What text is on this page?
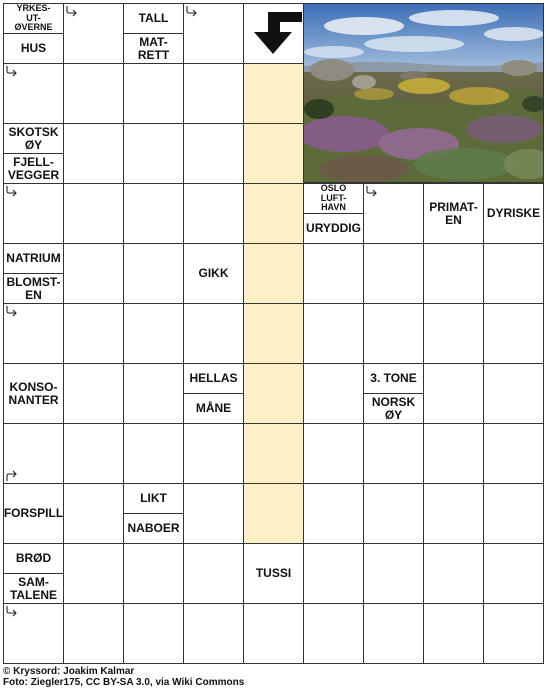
YRKES-
UT-
ØVERNE
HUS
TALL
MAT-
RETT
SKOTSK
ØY
FJELL-
VEGGER
OSLO
LUFT-
HAVN
URYDDIG
PRIMAT-
EN	DYRISKE
NATRIUM
BLOMST-
EN
GIKK
KONSO-
NANTER
HELLAS
MÅNE
3. TONE
NORSK
ØY
FORSPILL
LIKT
NABOER
BRØD
SAM-
TALENE
TUSSI
© Kryssord: Joakim Kalmar
Foto: Ziegler175, CC BY-SA 3.0, via Wiki Commons
